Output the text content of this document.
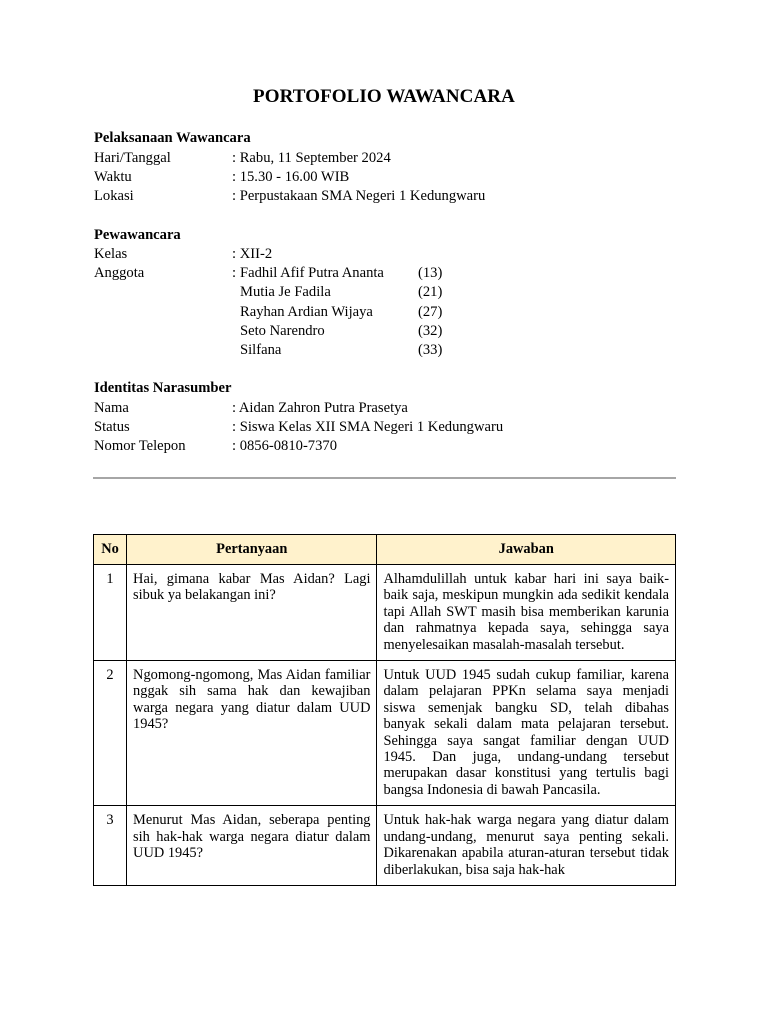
PORTOFOLIO WAWANCARA
Pelaksanaan Wawancara
Hari/Tanggal	: Rabu, 11 September 2024
Waktu	: 15.30 - 16.00 WIB
Lokasi	: Perpustakaan SMA Negeri 1 Kedungwaru
Pewawancara
Kelas	: XII-2
Anggota	: Fadhil Afif Putra Ananta (13)
Mutia Je Fadila	(21)
Rayhan Ardian Wijaya	(27)
Seto Narendro	(32)
Silfana	(33)
Identitas Narasumber
Nama	: Aidan Zahron Putra Prasetya
Status	: Siswa Kelas XII SMA Negeri 1 Kedungwaru
Nomor Telepon	: 0856-0810-7370
No	Pertanyaan	Jawaban
1	Hai, gimana kabar Mas Aidan? Lagi sibuk ya belakangan ini?	Alhamdulillah untuk kabar hari ini saya baik-baik saja, meskipun mungkin ada sedikit kendala tapi Allah SWT masih bisa memberikan karunia dan rahmatnya kepada saya, sehingga saya menyelesaikan masalah-masalah tersebut.
2	Ngomong-ngomong, Mas Aidan familiar nggak sih sama hak dan kewajiban warga negara yang diatur dalam UUD 1945?	Untuk UUD 1945 sudah cukup familiar, karena dalam pelajaran PPKn selama saya menjadi siswa semenjak bangku SD, telah dibahas banyak sekali dalam mata pelajaran tersebut. Sehingga saya sangat familiar dengan UUD 1945. Dan juga, undang-undang tersebut merupakan dasar konstitusi yang tertulis bagi bangsa Indonesia di bawah Pancasila.
3	Menurut Mas Aidan, seberapa penting sih hak-hak warga negara diatur dalam UUD 1945?	Untuk hak-hak warga negara yang diatur dalam undang-undang, menurut saya penting sekali. Dikarenakan apabila aturan-aturan tersebut tidak diberlakukan, bisa saja hak-hak
